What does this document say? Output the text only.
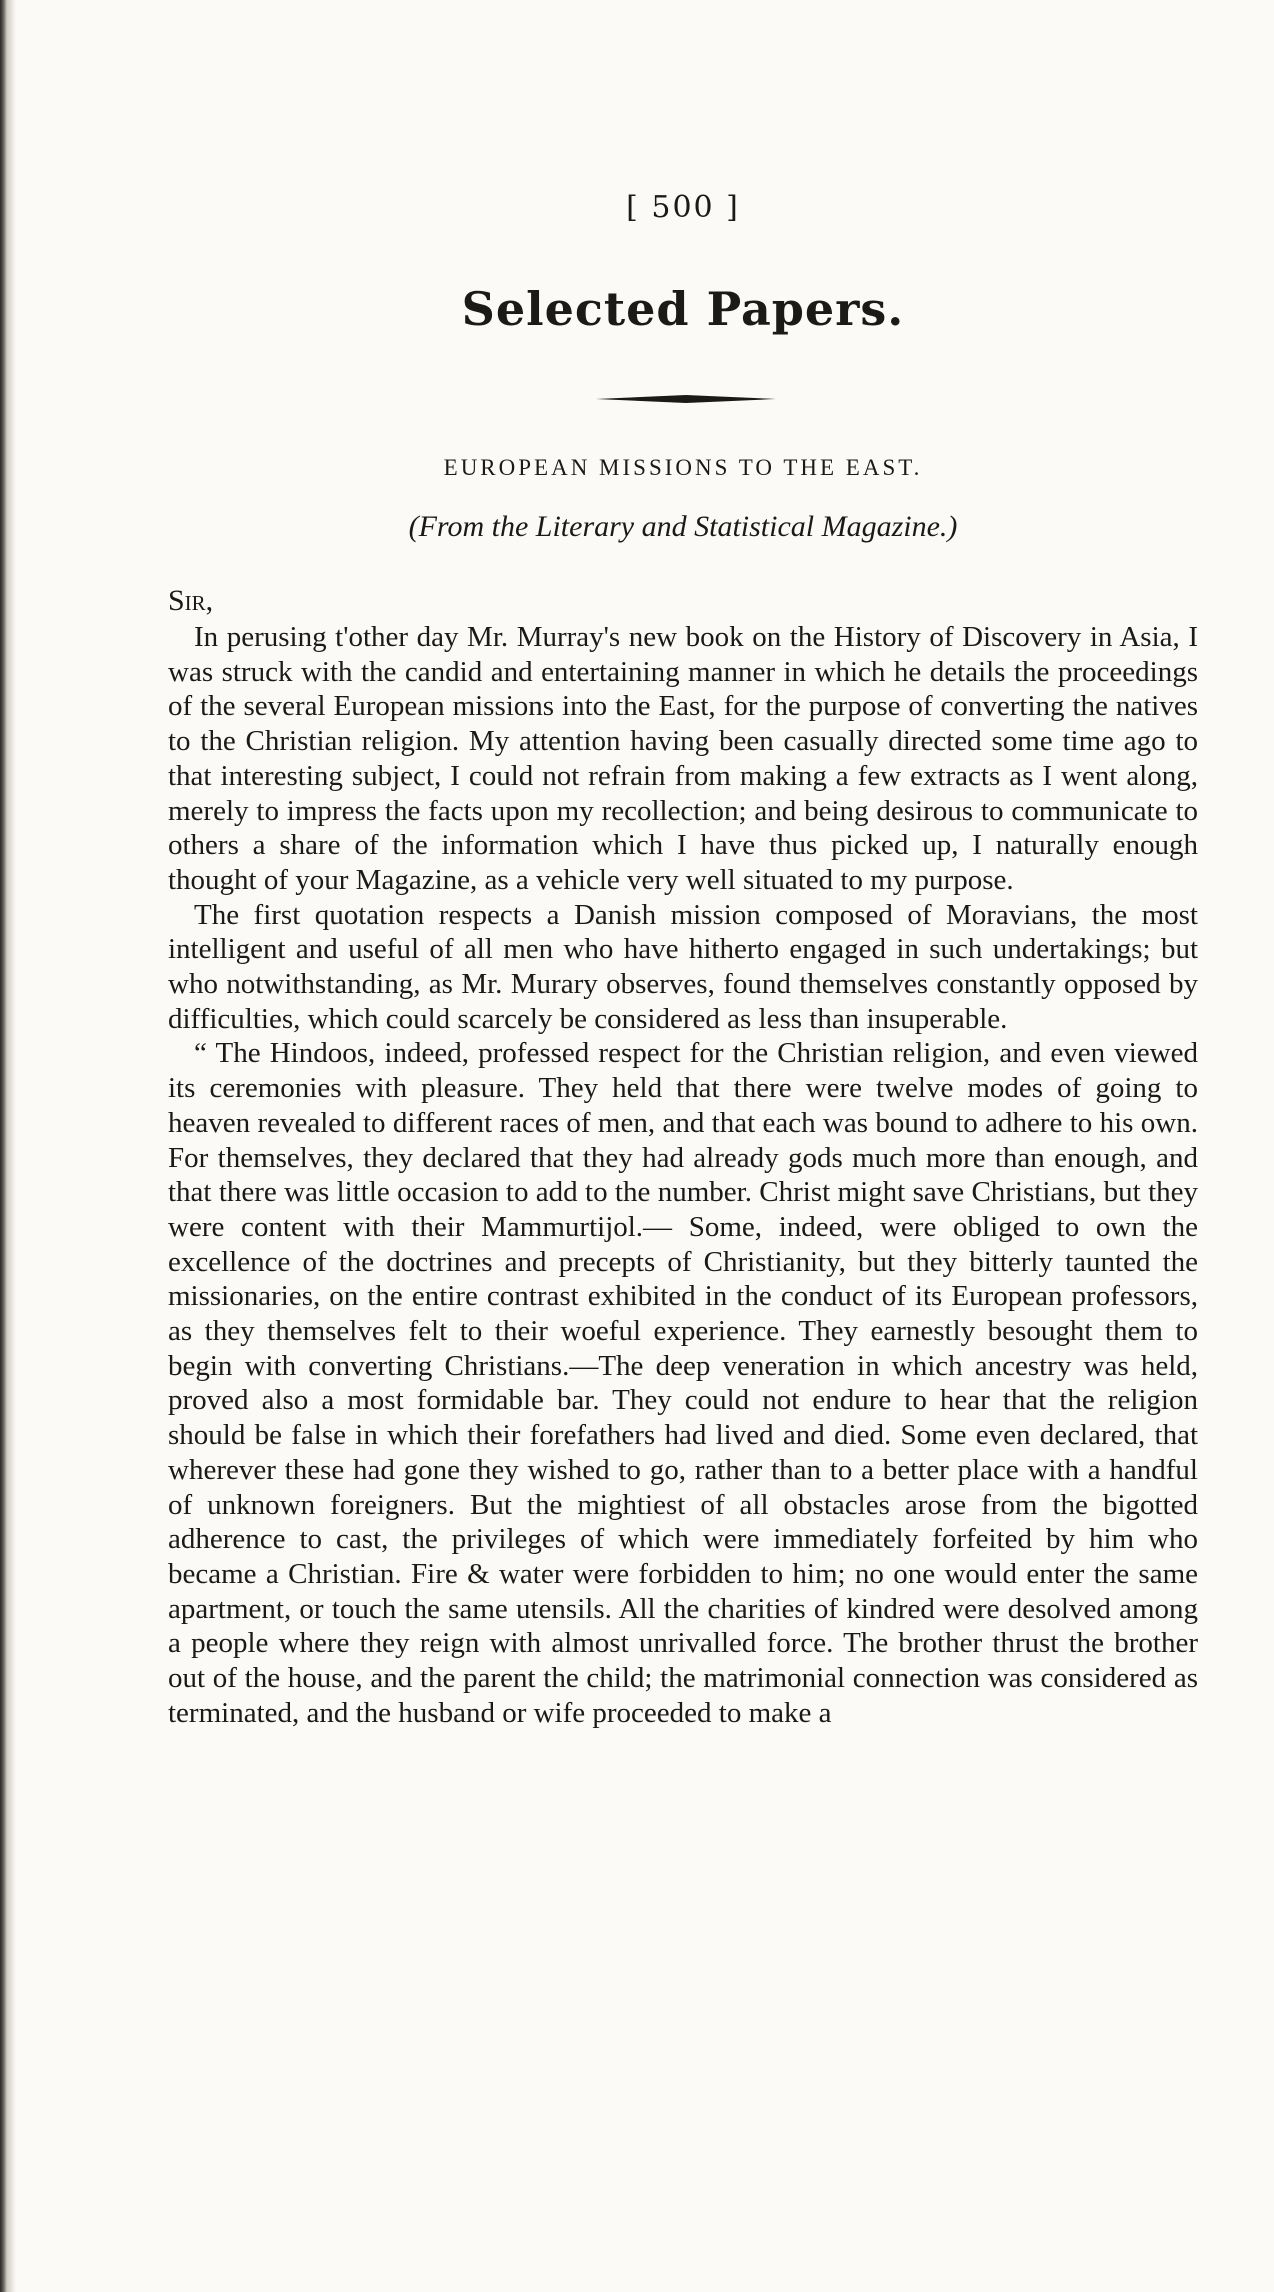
[ 500 ]
Selected Papers.
EUROPEAN MISSIONS TO THE EAST.
(From the Literary and Statistical Magazine.)
Sir,

In perusing t'other day Mr. Murray's new book on the History of Discovery in Asia, I was struck with the candid and entertaining manner in which he details the proceedings of the several European missions into the East, for the purpose of converting the natives to the Christian religion. My attention having been casually directed some time ago to that interesting subject, I could not refrain from making a few extracts as I went along, merely to impress the facts upon my recollection; and being desirous to communicate to others a share of the information which I have thus picked up, I naturally enough thought of your Magazine, as a vehicle very well situated to my purpose.

The first quotation respects a Danish mission composed of Moravians, the most intelligent and useful of all men who have hitherto engaged in such undertakings; but who notwithstanding, as Mr. Murary observes, found themselves constantly opposed by difficulties, which could scarcely be considered as less than insuperable.

“ The Hindoos, indeed, professed respect for the Christian religion, and even viewed its ceremonies with pleasure. They held that there were twelve modes of going to heaven revealed to different races of men, and that each was bound to adhere to his own. For themselves, they declared that they had already gods much more than enough, and that there was little occasion to add to the number. Christ might save Christians, but they were content with their Mammurtijol.— Some, indeed, were obliged to own the excellence of the doctrines and precepts of Christianity, but they bitterly taunted the missionaries, on the entire contrast exhibited in the conduct of its European professors, as they themselves felt to their woeful experience. They earnestly besought them to begin with converting Christians.—The deep veneration in which ancestry was held, proved also a most formidable bar. They could not endure to hear that the religion should be false in which their forefathers had lived and died. Some even declared, that wherever these had gone they wished to go, rather than to a better place with a handful of unknown foreigners. But the mightiest of all obstacles arose from the bigotted adherence to cast, the privileges of which were immediately forfeited by him who became a Christian. Fire & water were forbidden to him; no one would enter the same apartment, or touch the same utensils. All the charities of kindred were desolved among a people where they reign with almost unrivalled force. The brother thrust the brother out of the house, and the parent the child; the matrimonial connection was considered as terminated, and the husband or wife proceeded to make a
